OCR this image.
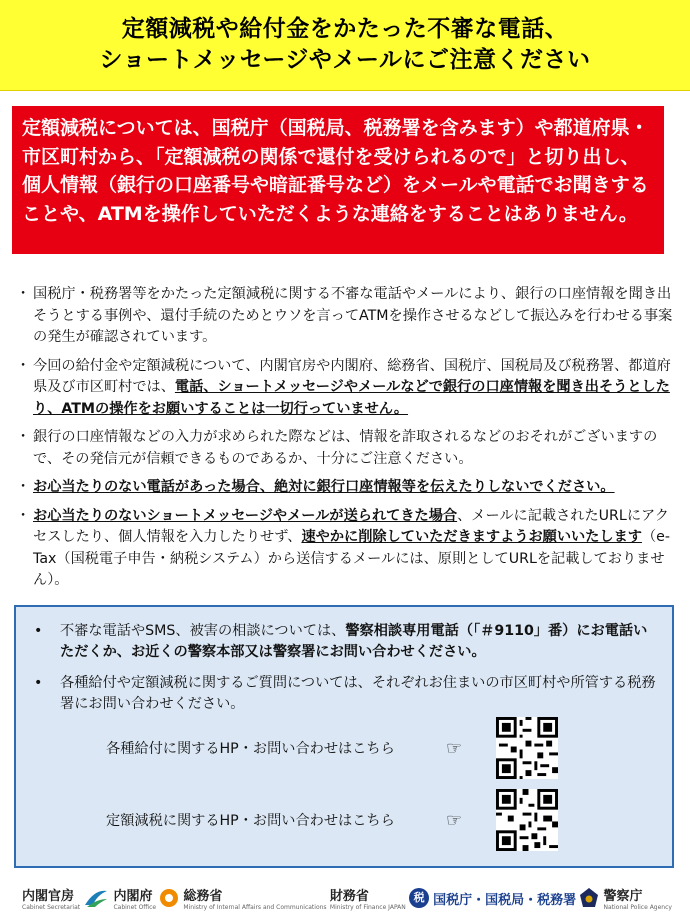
定額減税や給付金をかたった不審な電話、
ショートメッセージやメールにご注意ください
定額減税については、国税庁（国税局、税務署を含みます）や都道府県・市区町村から、「定額減税の関係で還付を受けられるので」と切り出し、個人情報（銀行の口座番号や暗証番号など）をメールや電話でお聞きすることや、ATMを操作していただくような連絡をすることはありません。
・ 国税庁・税務署等をかたった定額減税に関する不審な電話やメールにより、銀行の口座情報を聞き出そうとする事例や、還付手続のためとウソを言ってATMを操作させるなどして振込みを行わせる事案の発生が確認されています。
・ 今回の給付金や定額減税について、内閣官房や内閣府、総務省、国税庁、国税局及び税務署、都道府県及び市区町村では、電話、ショートメッセージやメールなどで銀行の口座情報を聞き出そうとしたり、ATMの操作をお願いすることは一切行っていません。
・ 銀行の口座情報などの入力が求められた際などは、情報を詐取されるなどのおそれがございますので、その発信元が信頼できるものであるか、十分にご注意ください。
・ お心当たりのない電話があった場合、絶対に銀行口座情報等を伝えたりしないでください。
・ お心当たりのないショートメッセージやメールが送られてきた場合、メールに記載されたURLにアクセスしたり、個人情報を入力したりせず、速やかに削除していただきますようお願いいたします（e-Tax（国税電子申告・納税システム）から送信するメールには、原則としてURLを記載しておりません）。
• 不審な電話やSMS、被害の相談については、警察相談専用電話（「＃9110」番）にお電話いただくか、お近くの警察本部又は警察署にお問い合わせください。
• 各種給付や定額減税に関するご質問については、それぞれお住まいの市区町村や所管する税務署にお問い合わせください。
各種給付に関するHP・お問い合わせはこちら	☞
定額減税に関するHP・お問い合わせはこちら	☞
内閣官房
Cabinet Secretariat
内閣府
Cabinet Office
総務省
Ministry of Internal Affairs and Communications
財務省
Ministry of Finance JAPAN
税 国税庁・国税局・税務署 警察庁
National Police Agency
